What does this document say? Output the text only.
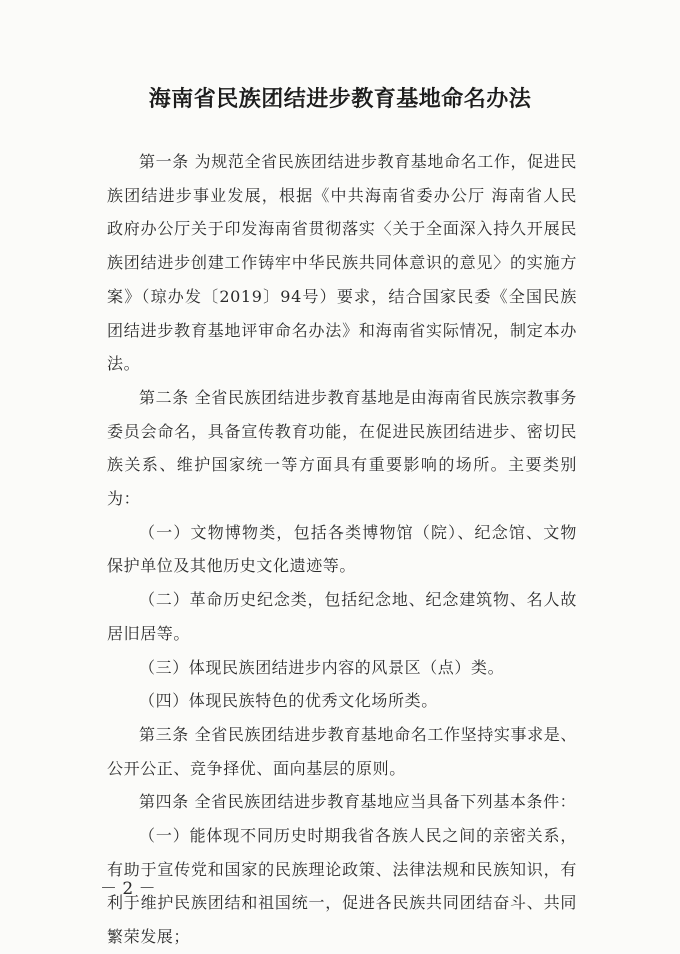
海南省民族团结进步教育基地命名办法

第一条 为规范全省民族团结进步教育基地命名工作，促进民族团结进步事业发展，根据《中共海南省委办公厅 海南省人民政府办公厅关于印发海南省贯彻落实〈关于全面深入持久开展民族团结进步创建工作铸牢中华民族共同体意识的意见〉的实施方案》（琼办发〔2019〕94号）要求，结合国家民委《全国民族团结进步教育基地评审命名办法》和海南省实际情况，制定本办法。

第二条 全省民族团结进步教育基地是由海南省民族宗教事务委员会命名，具备宣传教育功能，在促进民族团结进步、密切民族关系、维护国家统一等方面具有重要影响的场所。主要类别为：

（一）文物博物类，包括各类博物馆（院）、纪念馆、文物保护单位及其他历史文化遗迹等。

（二）革命历史纪念类，包括纪念地、纪念建筑物、名人故居旧居等。

（三）体现民族团结进步内容的风景区（点）类。

（四）体现民族特色的优秀文化场所类。

第三条 全省民族团结进步教育基地命名工作坚持实事求是、公开公正、竞争择优、面向基层的原则。

第四条 全省民族团结进步教育基地应当具备下列基本条件：

（一）能体现不同历史时期我省各族人民之间的亲密关系，有助于宣传党和国家的民族理论政策、法律法规和民族知识，有利于维护民族团结和祖国统一，促进各民族共同团结奋斗、共同繁荣发展；

－ 2 －
